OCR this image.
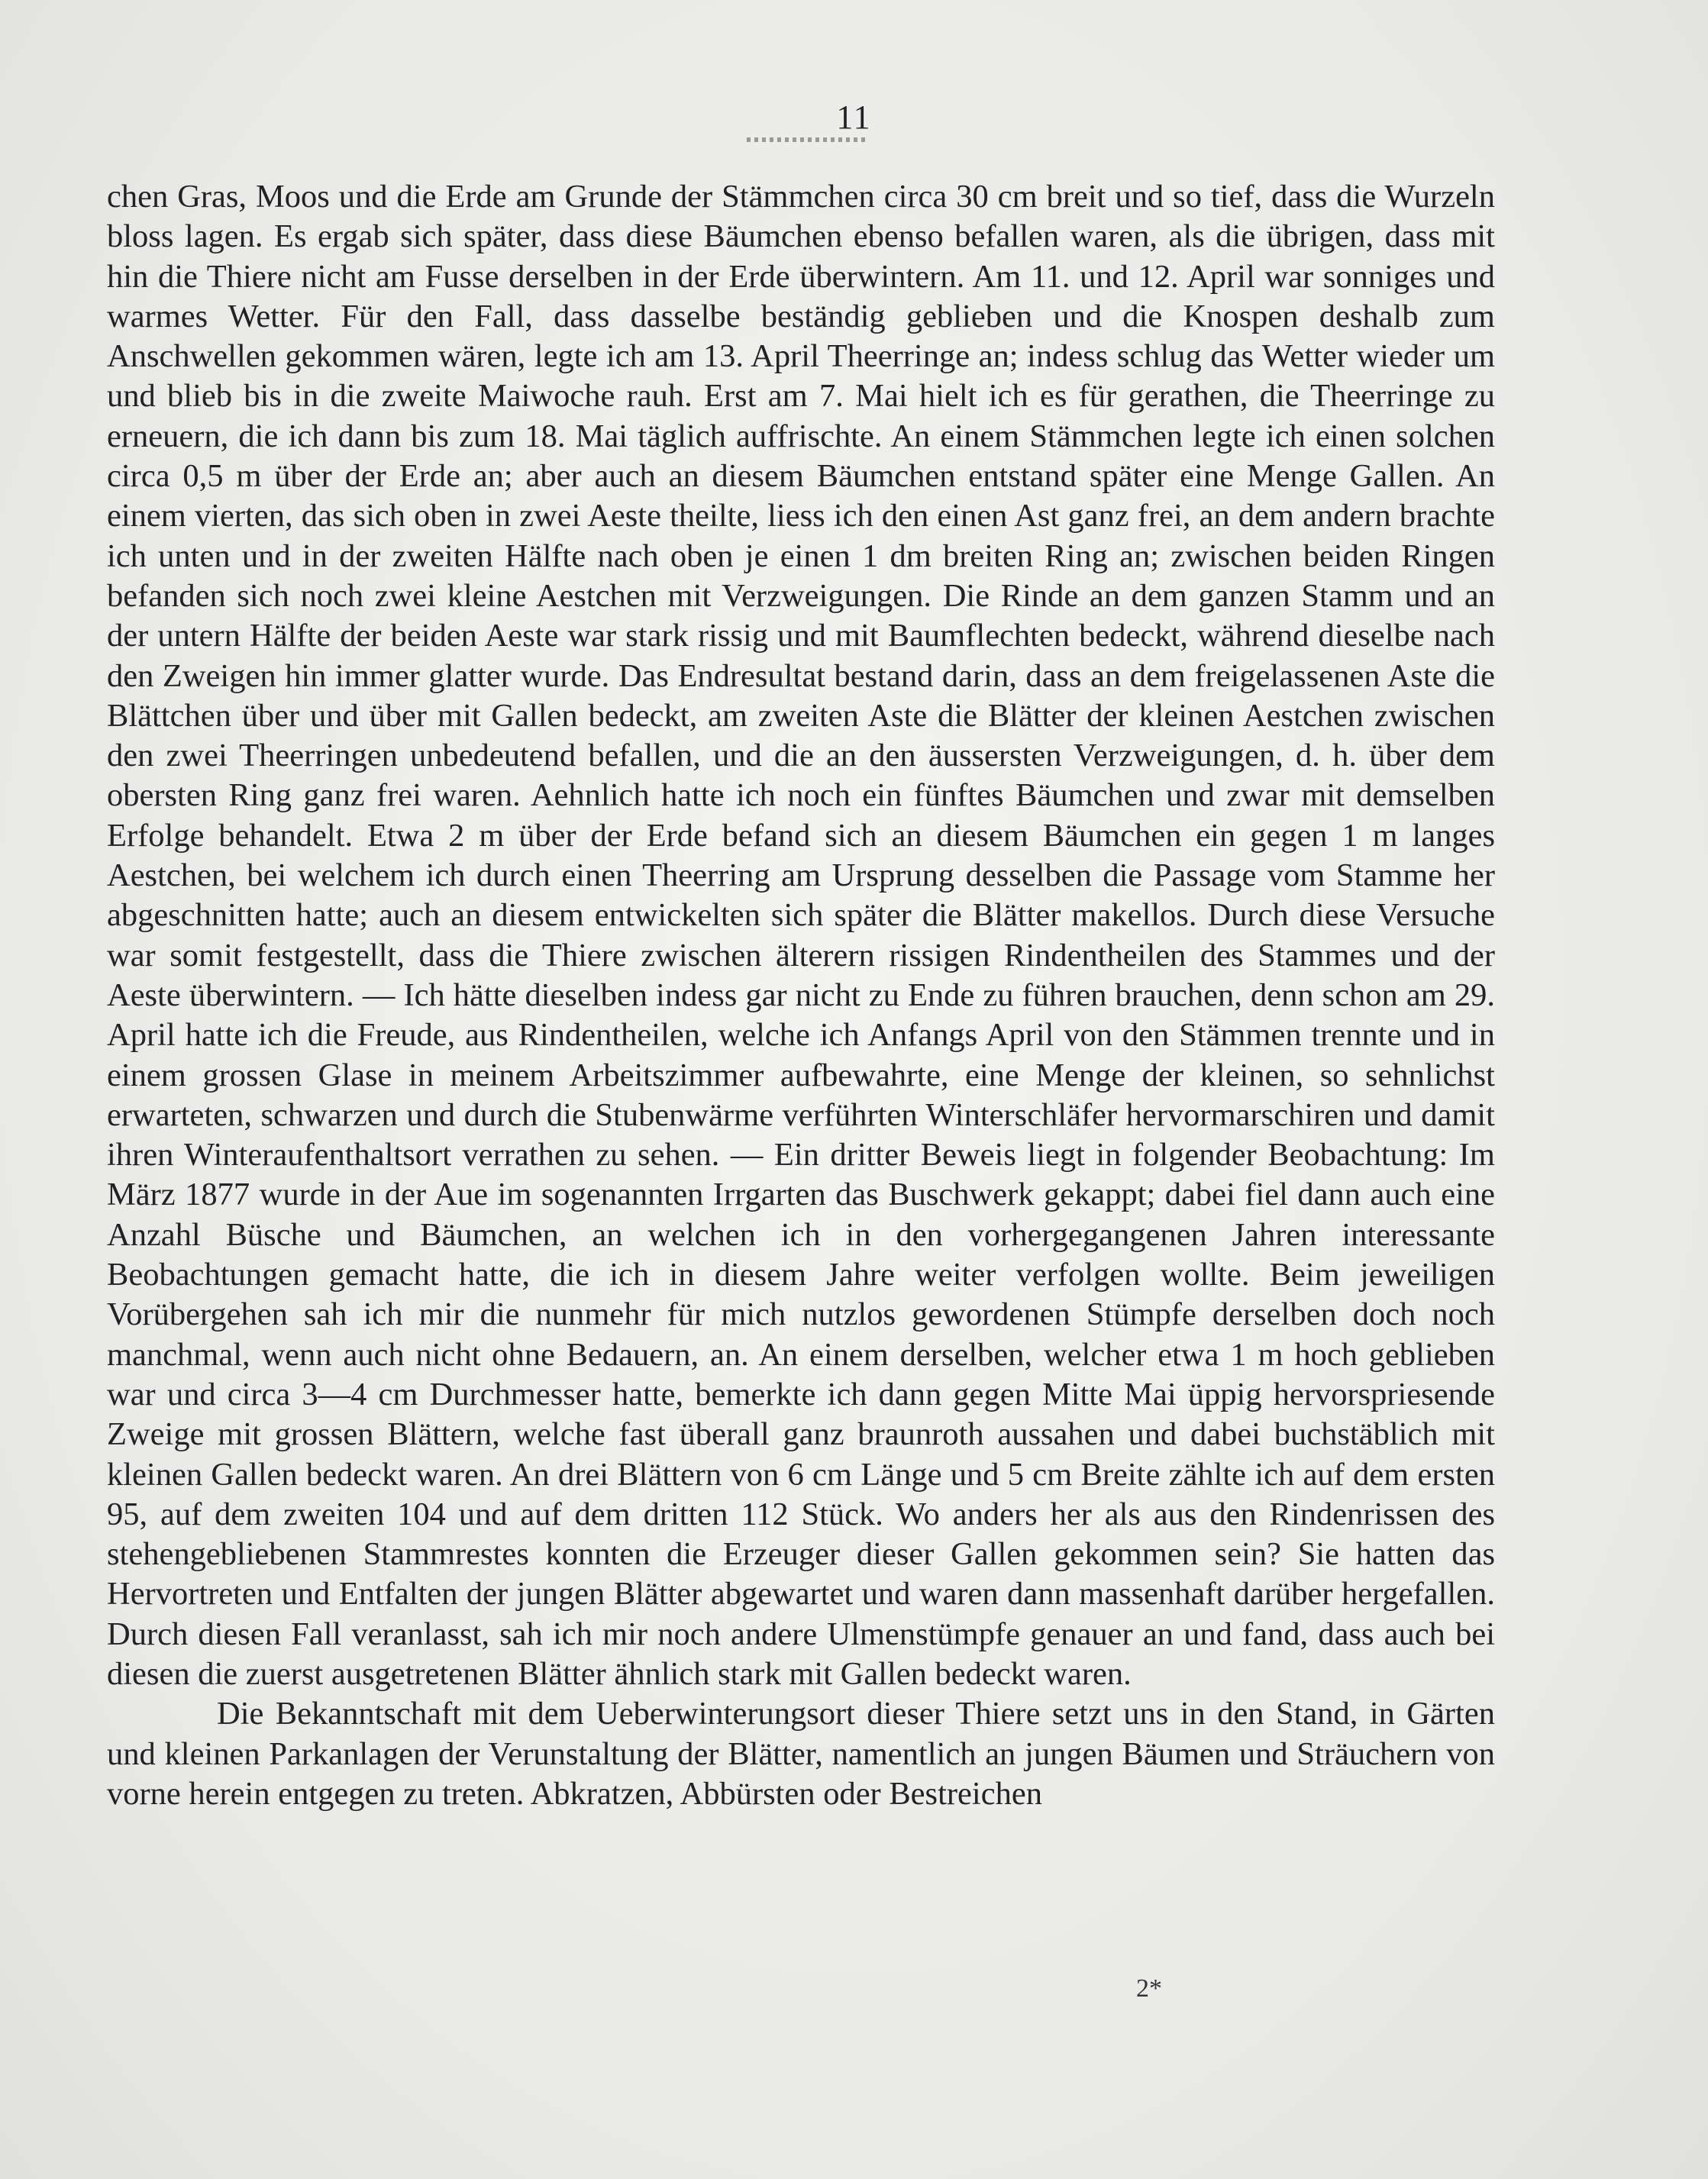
11

chen Gras, Moos und die Erde am Grunde der Stämmchen circa 30 cm breit und so tief, dass die Wurzeln bloss lagen. Es ergab sich später, dass diese Bäumchen ebenso befallen waren, als die übrigen, dass mit hin die Thiere nicht am Fusse derselben in der Erde überwintern. Am 11. und 12. April war sonniges und warmes Wetter. Für den Fall, dass dasselbe beständig geblieben und die Knospen deshalb zum Anschwellen gekommen wären, legte ich am 13. April Theerringe an; indess schlug das Wetter wieder um und blieb bis in die zweite Maiwoche rauh. Erst am 7. Mai hielt ich es für gerathen, die Theerringe zu erneuern, die ich dann bis zum 18. Mai täglich auffrischte. An einem Stämmchen legte ich einen solchen circa 0,5 m über der Erde an; aber auch an diesem Bäumchen entstand später eine Menge Gallen. An einem vierten, das sich oben in zwei Aeste theilte, liess ich den einen Ast ganz frei, an dem andern brachte ich unten und in der zweiten Hälfte nach oben je einen 1 dm breiten Ring an; zwischen beiden Ringen befanden sich noch zwei kleine Aestchen mit Verzweigungen. Die Rinde an dem ganzen Stamm und an der untern Hälfte der beiden Aeste war stark rissig und mit Baumflechten bedeckt, während dieselbe nach den Zweigen hin immer glatter wurde. Das Endresultat bestand darin, dass an dem freigelassenen Aste die Blättchen über und über mit Gallen bedeckt, am zweiten Aste die Blätter der kleinen Aestchen zwischen den zwei Theerringen unbedeutend befallen, und die an den äussersten Verzweigungen, d. h. über dem obersten Ring ganz frei waren. Aehnlich hatte ich noch ein fünftes Bäumchen und zwar mit demselben Erfolge behandelt. Etwa 2 m über der Erde befand sich an diesem Bäumchen ein gegen 1 m langes Aestchen, bei welchem ich durch einen Theerring am Ursprung desselben die Passage vom Stamme her abgeschnitten hatte; auch an diesem entwickelten sich später die Blätter makellos. Durch diese Versuche war somit festgestellt, dass die Thiere zwischen älterern rissigen Rindentheilen des Stammes und der Aeste überwintern. — Ich hätte dieselben indess gar nicht zu Ende zu führen brauchen, denn schon am 29. April hatte ich die Freude, aus Rindentheilen, welche ich Anfangs April von den Stämmen trennte und in einem grossen Glase in meinem Arbeitszimmer aufbewahrte, eine Menge der kleinen, so sehnlichst erwarteten, schwarzen und durch die Stubenwärme verführten Winterschläfer hervormarschiren und damit ihren Winteraufenthaltsort verrathen zu sehen. — Ein dritter Beweis liegt in folgender Beobachtung: Im März 1877 wurde in der Aue im sogenannten Irrgarten das Buschwerk gekappt; dabei fiel dann auch eine Anzahl Büsche und Bäumchen, an welchen ich in den vorhergegangenen Jahren interessante Beobachtungen gemacht hatte, die ich in diesem Jahre weiter verfolgen wollte. Beim jeweiligen Vorübergehen sah ich mir die nunmehr für mich nutzlos gewordenen Stümpfe derselben doch noch manchmal, wenn auch nicht ohne Bedauern, an. An einem derselben, welcher etwa 1 m hoch geblieben war und circa 3—4 cm Durchmesser hatte, bemerkte ich dann gegen Mitte Mai üppig hervorspriesende Zweige mit grossen Blättern, welche fast überall ganz braunroth aussahen und dabei buchstäblich mit kleinen Gallen bedeckt waren. An drei Blättern von 6 cm Länge und 5 cm Breite zählte ich auf dem ersten 95, auf dem zweiten 104 und auf dem dritten 112 Stück. Wo anders her als aus den Rindenrissen des stehengebliebenen Stammrestes konnten die Erzeuger dieser Gallen gekommen sein? Sie hatten das Hervortreten und Entfalten der jungen Blätter abgewartet und waren dann massenhaft darüber hergefallen. Durch diesen Fall veranlasst, sah ich mir noch andere Ulmenstümpfe genauer an und fand, dass auch bei diesen die zuerst ausgetretenen Blätter ähnlich stark mit Gallen bedeckt waren.

Die Bekanntschaft mit dem Ueberwinterungsort dieser Thiere setzt uns in den Stand, in Gärten und kleinen Parkanlagen der Verunstaltung der Blätter, namentlich an jungen Bäumen und Sträuchern von vorne herein entgegen zu treten. Abkratzen, Abbürsten oder Bestreichen

2*
